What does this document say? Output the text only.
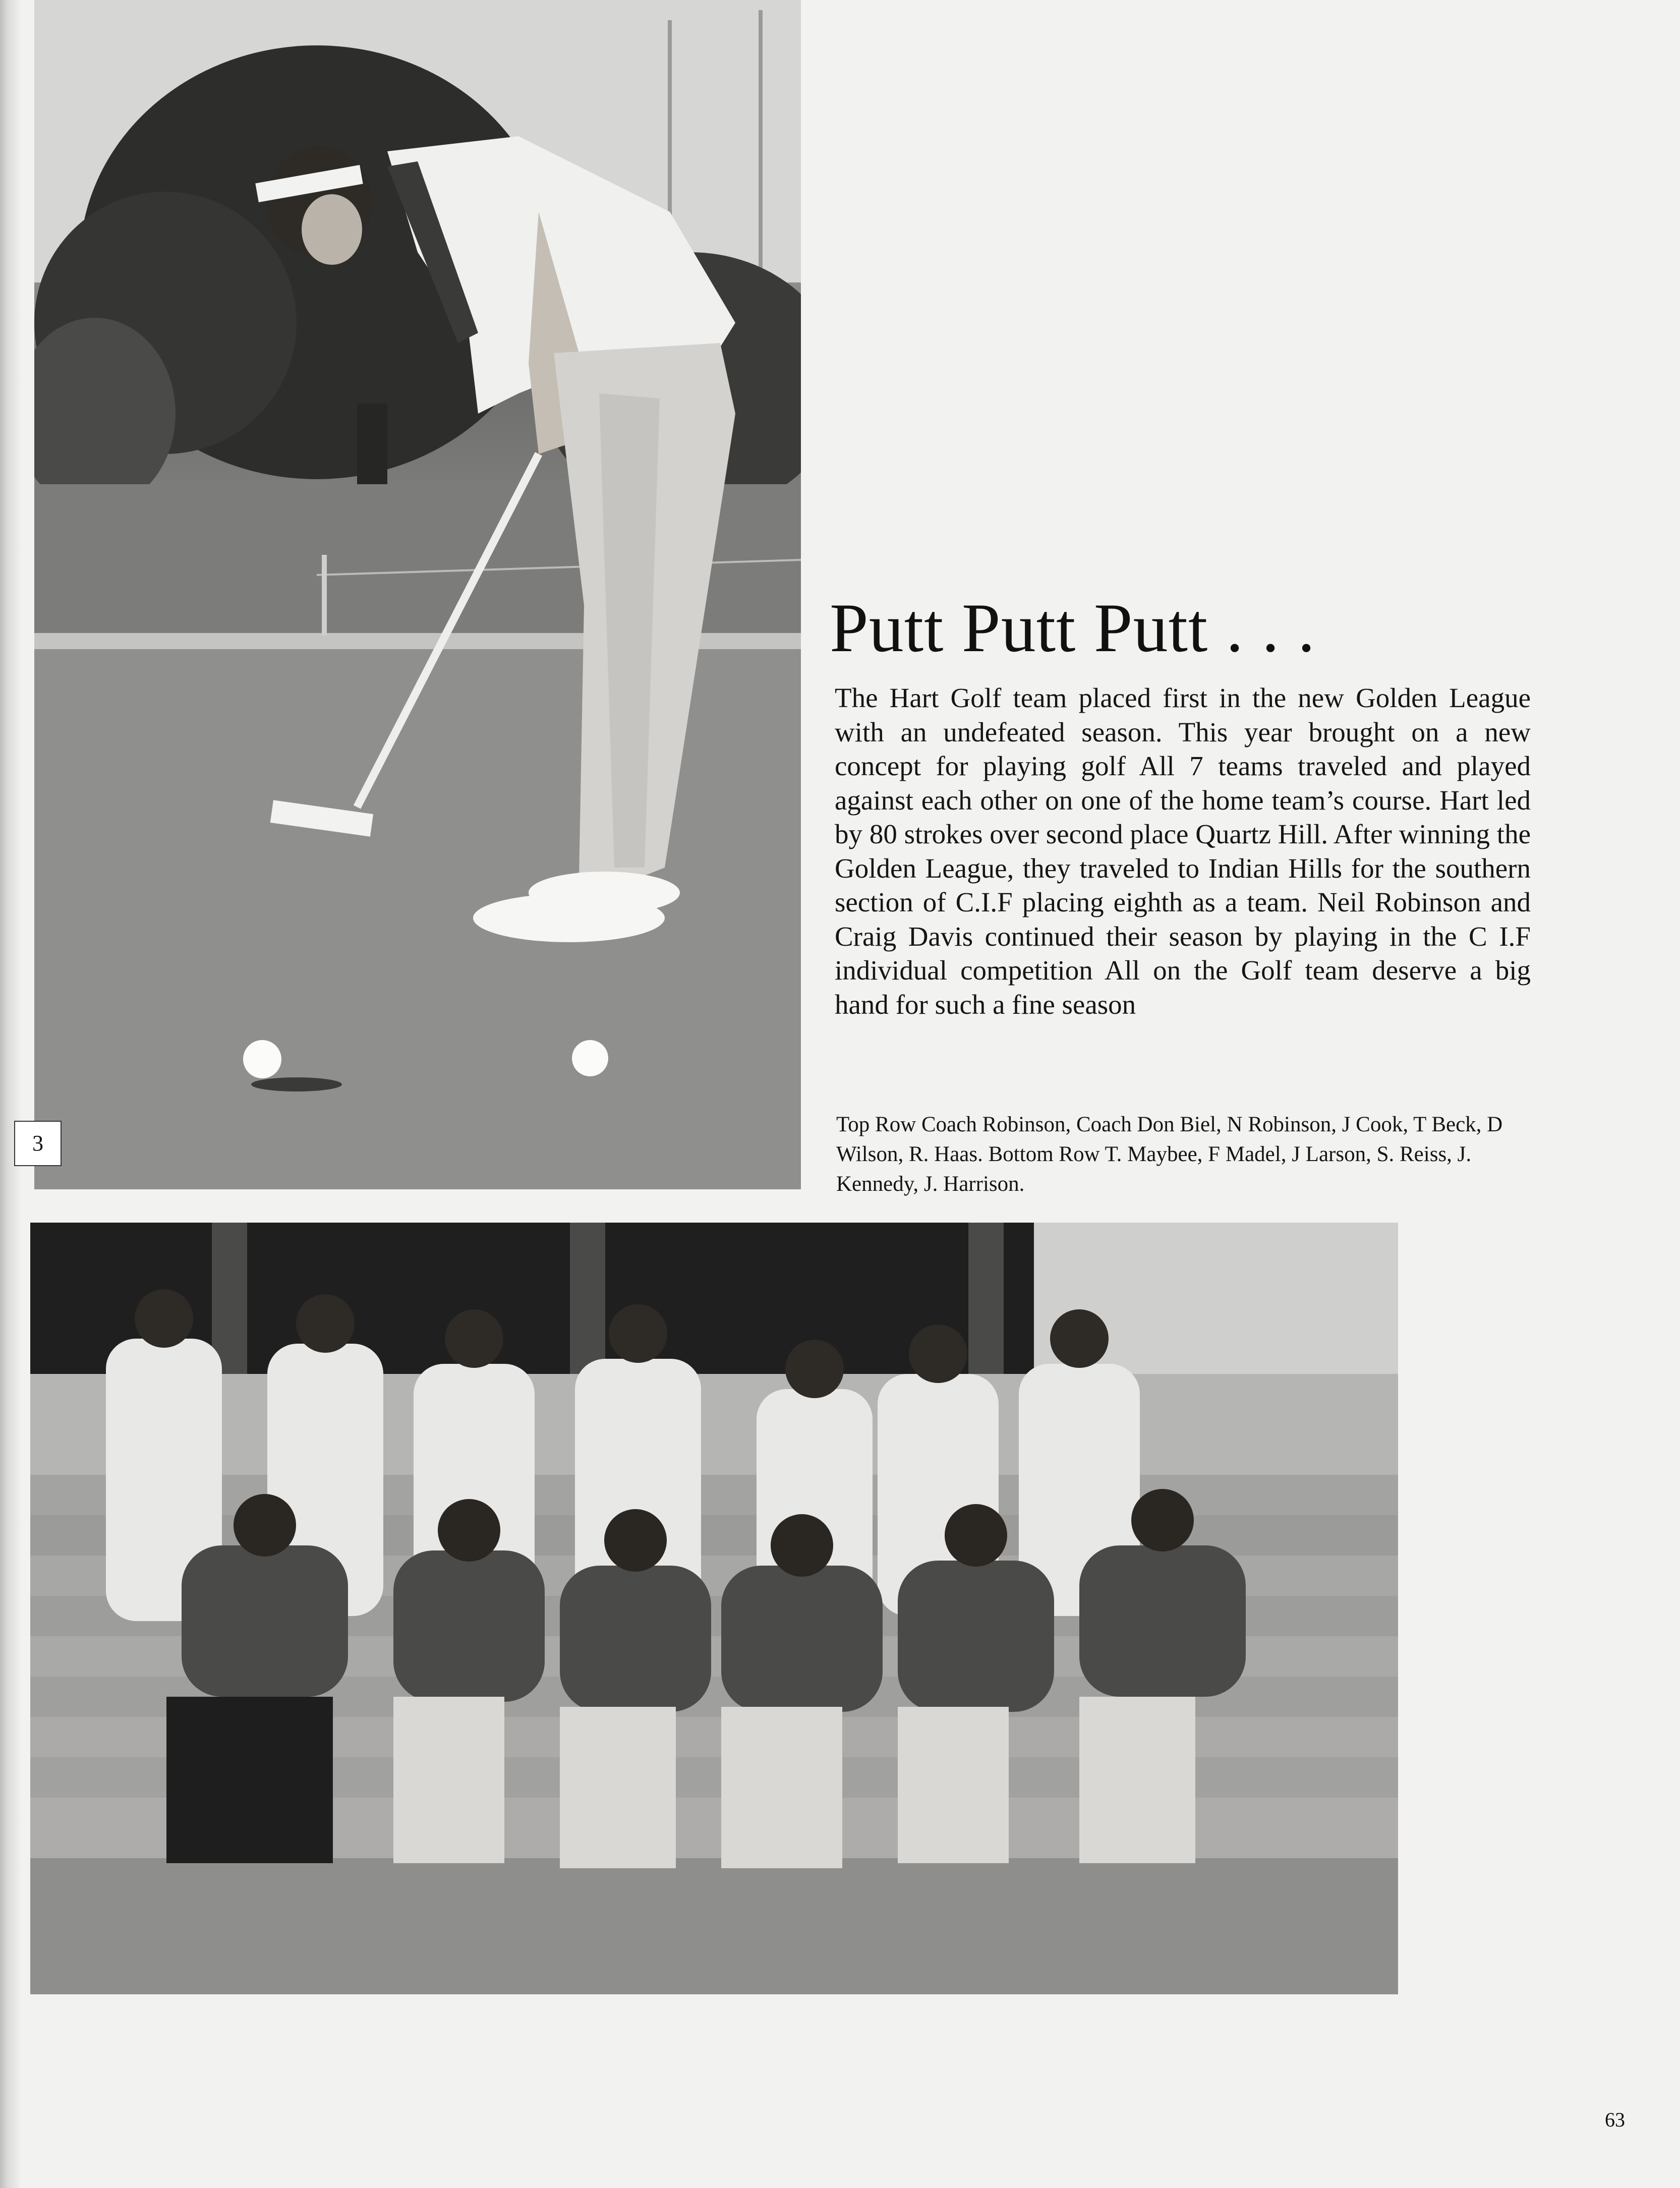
3
Putt Putt Putt . . .

The Hart Golf team placed first in the new Golden League with an undefeated season. This year brought on a new concept for playing golf All 7 teams traveled and played against each other on one of the home team’s course. Hart led by 80 strokes over second place Quartz Hill. After winning the Golden League, they traveled to Indian Hills for the southern section of C.I.F placing eighth as a team. Neil Robinson and Craig Davis continued their season by playing in the C I.F individual competition All on the Golf team deserve a big hand for such a fine season

Top Row Coach Robinson, Coach Don Biel, N Robinson, J Cook, T Beck, D Wilson, R. Haas. Bottom Row T. Maybee, F Madel, J Larson, S. Reiss, J. Kennedy, J. Harrison.

63
